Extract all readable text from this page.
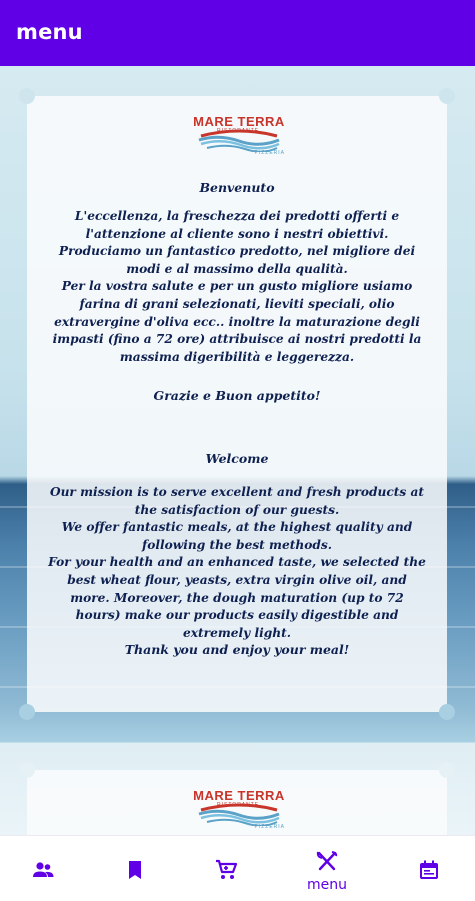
menu
MARE TERRA
RISTORANTE
PIZZERIA
Benvenuto

L'eccellenza, la freschezza dei predotti offerti e l'attenzione al cliente sono i nestri obiettivi.

Produciamo un fantastico predotto, nel migliore dei modi e al massimo della qualità.

Per la vostra salute e per un gusto migliore usiamo farina di grani selezionati, lieviti speciali, olio extravergine d'oliva ecc.. inoltre la maturazione degli impasti (fino a 72 ore) attribuisce ai nostri predotti la massima digeribilità e leggerezza.

Grazie e Buon appetito!
Welcome

Our mission is to serve excellent and fresh products at the satisfaction of our guests.

We offer fantastic meals, at the highest quality and following the best methods.

For your health and an enhanced taste, we selected the best wheat flour, yeasts, extra virgin olive oil, and more. Moreover, the dough maturation (up to 72 hours) make our products easily digestible and extremely light.

Thank you and enjoy your meal!
MARE TERRA
RISTORANTE
PIZZERIA
menu
